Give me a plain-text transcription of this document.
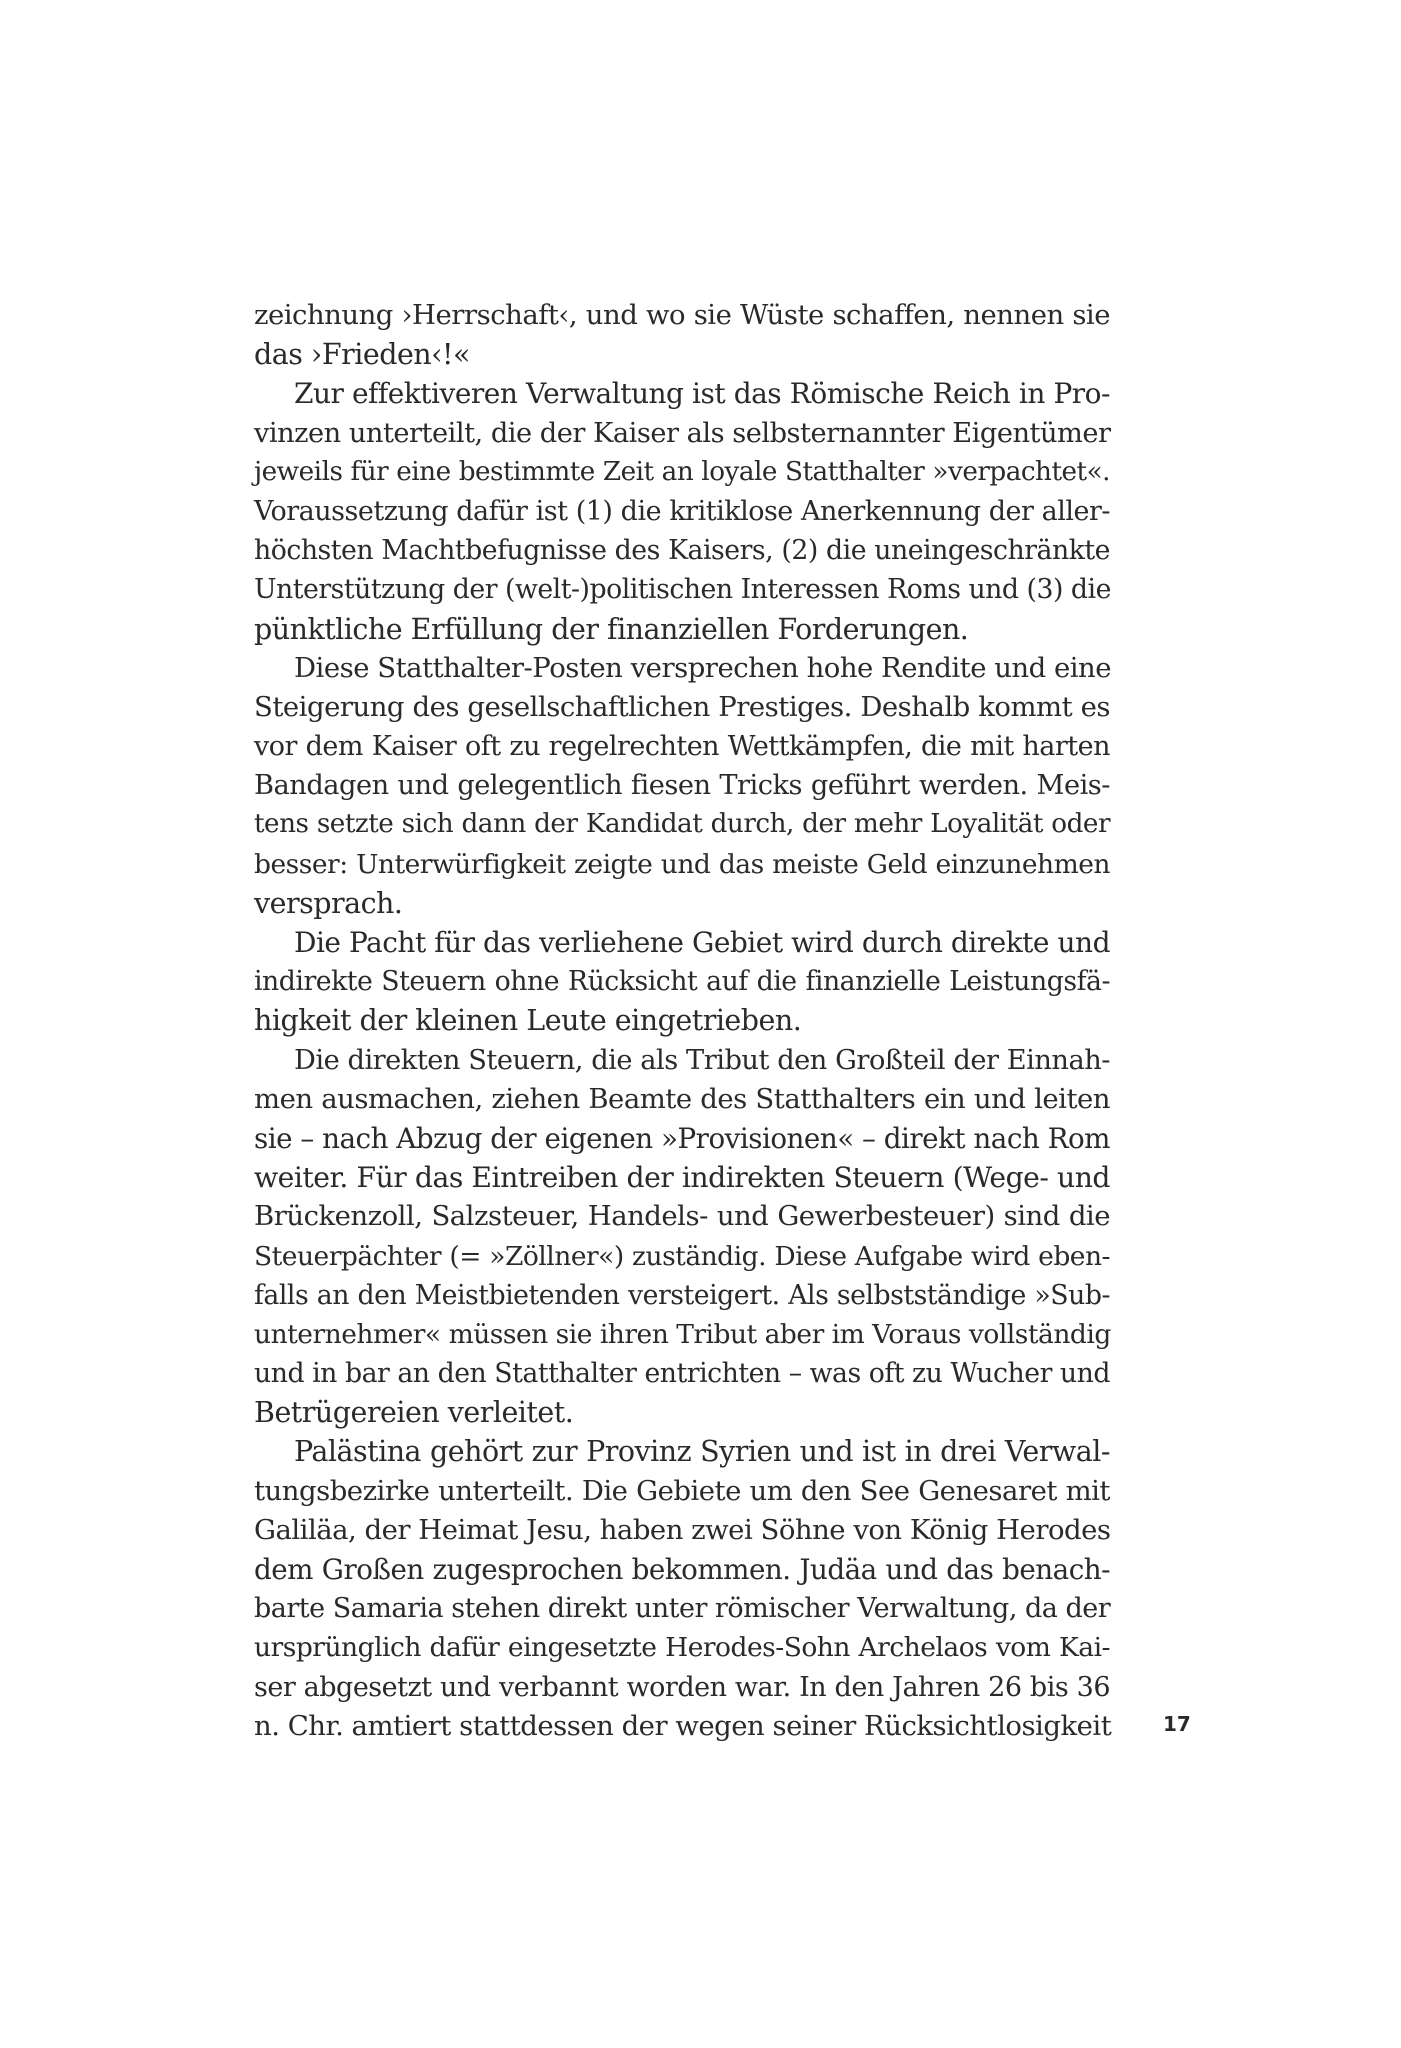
zeichnung ›Herrschaft‹, und wo sie Wüste schaffen, nennen sie
das ›Frieden‹!«
Zur effektiveren Verwaltung ist das Römische Reich in Pro-
vinzen unterteilt, die der Kaiser als selbsternannter Eigentümer
jeweils für eine bestimmte Zeit an loyale Statthalter »verpachtet«.
Voraussetzung dafür ist (1) die kritiklose Anerkennung der aller-
höchsten Machtbefugnisse des Kaisers, (2) die uneingeschränkte
Unterstützung der (welt-)politischen Interessen Roms und (3) die
pünktliche Erfüllung der finanziellen Forderungen.
Diese Statthalter-Posten versprechen hohe Rendite und eine
Steigerung des gesellschaftlichen Prestiges. Deshalb kommt es
vor dem Kaiser oft zu regelrechten Wettkämpfen, die mit harten
Bandagen und gelegentlich fiesen Tricks geführt werden. Meis-
tens setzte sich dann der Kandidat durch, der mehr Loyalität oder
besser: Unterwürfigkeit zeigte und das meiste Geld einzunehmen
versprach.
Die Pacht für das verliehene Gebiet wird durch direkte und
indirekte Steuern ohne Rücksicht auf die finanzielle Leistungsfä-
higkeit der kleinen Leute eingetrieben.
Die direkten Steuern, die als Tribut den Großteil der Einnah-
men ausmachen, ziehen Beamte des Statthalters ein und leiten
sie – nach Abzug der eigenen »Provisionen« – direkt nach Rom
weiter. Für das Eintreiben der indirekten Steuern (Wege- und
Brückenzoll, Salzsteuer, Handels- und Gewerbesteuer) sind die
Steuerpächter (= »Zöllner«) zuständig. Diese Aufgabe wird eben-
falls an den Meistbietenden versteigert. Als selbstständige »Sub-
unternehmer« müssen sie ihren Tribut aber im Voraus vollständig
und in bar an den Statthalter entrichten – was oft zu Wucher und
Betrügereien verleitet.
Palästina gehört zur Provinz Syrien und ist in drei Verwal-
tungsbezirke unterteilt. Die Gebiete um den See Genesaret mit
Galiläa, der Heimat Jesu, haben zwei Söhne von König Herodes
dem Großen zugesprochen bekommen. Judäa und das benach-
barte Samaria stehen direkt unter römischer Verwaltung, da der
ursprünglich dafür eingesetzte Herodes-Sohn Archelaos vom Kai-
ser abgesetzt und verbannt worden war. In den Jahren 26 bis 36
n. Chr. amtiert stattdessen der wegen seiner Rücksichtlosigkeit	17
